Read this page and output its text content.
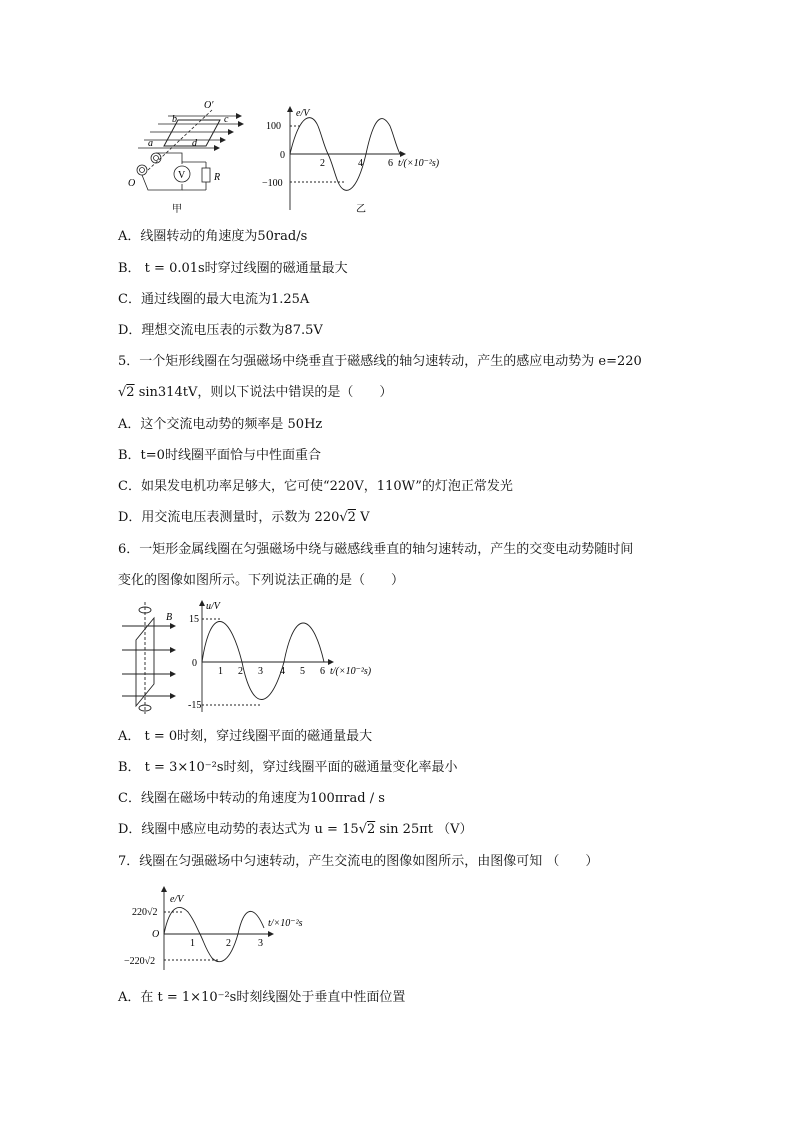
O′
b	c
a	d
O
V	R
甲
e/V
100
0
−100
2	4	6 t/(×10⁻²s)
乙
A．线圈转动的角速度为50rad/s
B． t = 0.01s时穿过线圈的磁通量最大
C．通过线圈的最大电流为1.25A
D．理想交流电压表的示数为87.5V
5．一个矩形线圈在匀强磁场中绕垂直于磁感线的轴匀速转动，产生的感应电动势为 e=220
√2 sin314tV，则以下说法中错误的是（　　）
A．这个交流电动势的频率是 50Hz
B．t=0时线圈平面恰与中性面重合
C．如果发电机功率足够大，它可使“220V，110W”的灯泡正常发光
D．用交流电压表测量时，示数为 220√2 V
6．一矩形金属线圈在匀强磁场中绕与磁感线垂直的轴匀速转动，产生的交变电动势随时间
变化的图像如图所示。下列说法正确的是（　　）
B
u/V
15
0
-15
1 2 3 4 5 6 t/(×10⁻²s)
A． t = 0时刻，穿过线圈平面的磁通量最大
B． t = 3×10⁻²s时刻，穿过线圈平面的磁通量变化率最小
C．线圈在磁场中转动的角速度为100πrad / s
D．线圈中感应电动势的表达式为 u = 15√2 sin 25πt （V）
7．线圈在匀强磁场中匀速转动，产生交流电的图像如图所示，由图像可知 （　　）
e/V
220√2
O
−220√2
1	2	3
t/×10⁻²s
A．在 t = 1×10⁻²s时刻线圈处于垂直中性面位置
